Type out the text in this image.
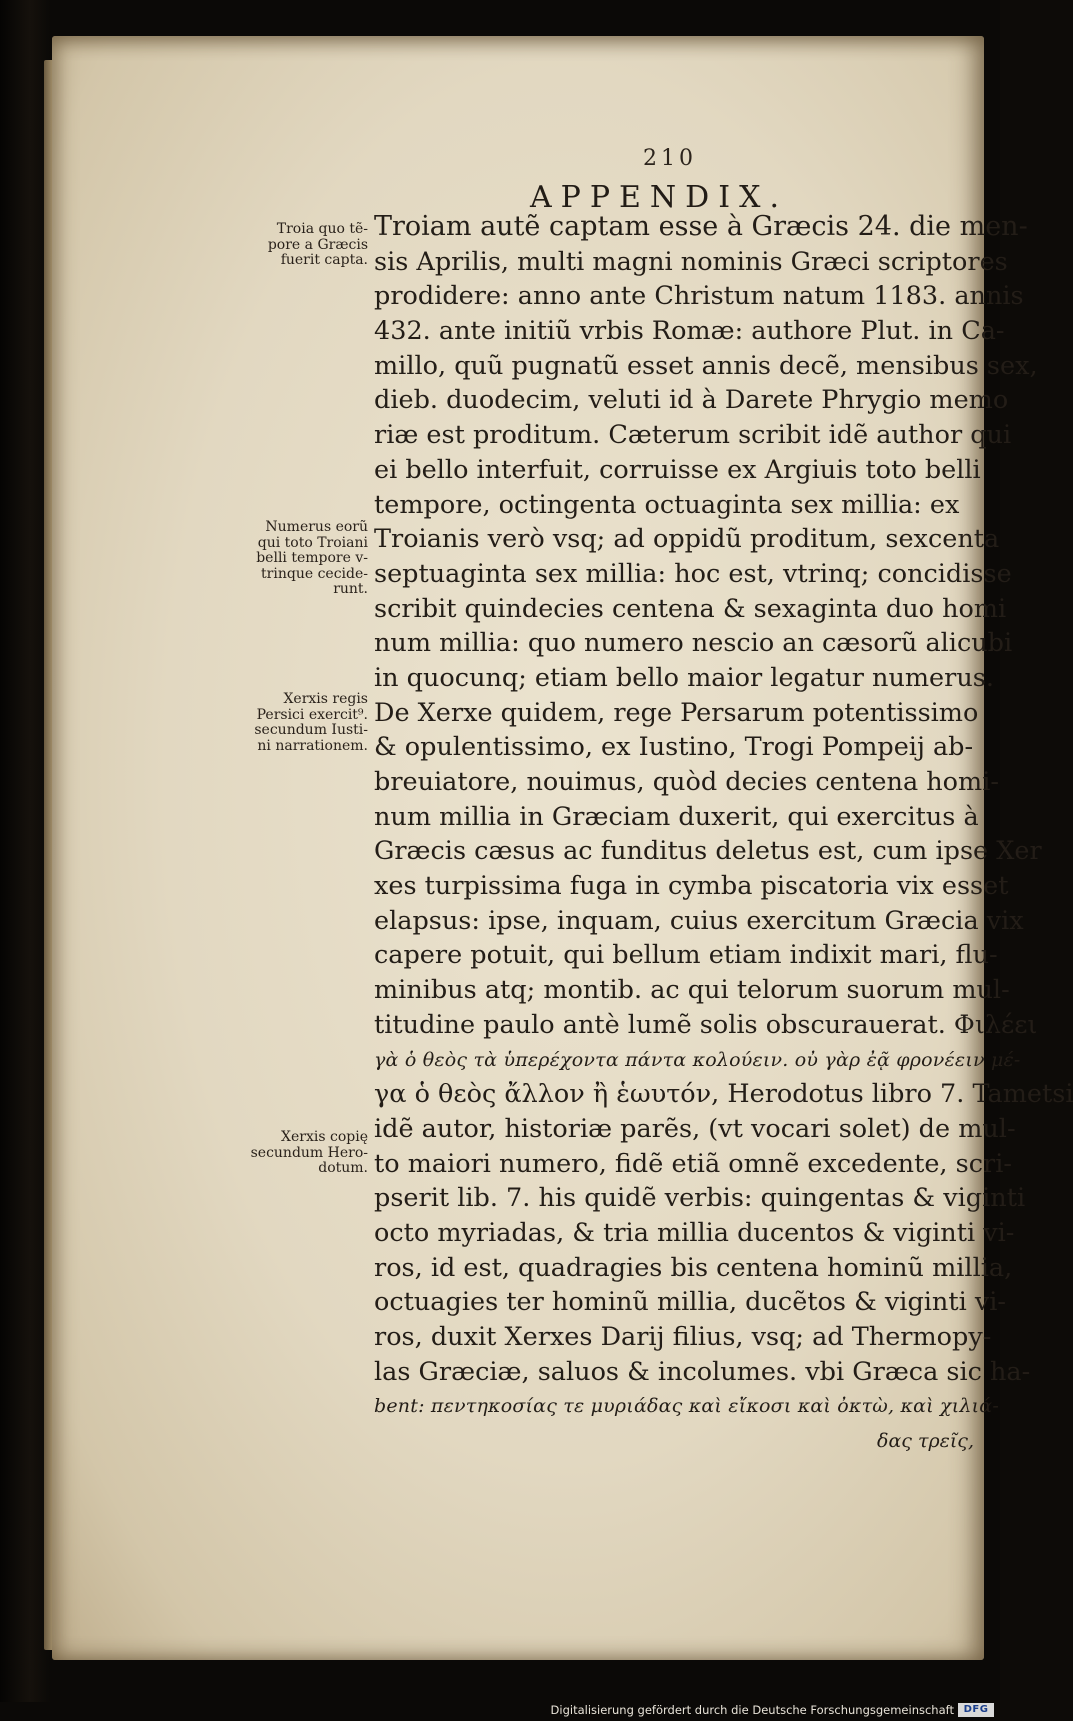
210
APPENDIX.
Troia quo tẽ-
pore a Græcis
fuerit capta.
Numerus eorũ
qui toto Troiani
belli tempore v-
trinque cecide-
runt.
Xerxis regis
Persici exercit⁹.
secundum Iusti-
ni narrationem.
Xerxis copię
secundum Hero-
dotum.
Troiam autẽ captam esse à Græcis 24. die men-
sis Aprilis, multi magni nominis Græci scriptores
prodidere: anno ante Christum natum 1183. annis
432. ante initiũ vrbis Romæ: authore Plut. in Ca-
millo, quũ pugnatũ esset annis decẽ, mensibus sex,
dieb. duodecim, veluti id à Darete Phrygio memo
riæ est proditum. Cæterum scribit idẽ author qui
ei bello interfuit, corruisse ex Argiuis toto belli
tempore, octingenta octuaginta sex millia: ex
Troianis verò vsq; ad oppidũ proditum, sexcenta
septuaginta sex millia: hoc est, vtrinq; concidisse
scribit quindecies centena & sexaginta duo homi
num millia: quo numero nescio an cæsorũ alicubi
in quocunq; etiam bello maior legatur numerus.
De Xerxe quidem, rege Persarum potentissimo
& opulentissimo, ex Iustino, Trogi Pompeij ab-
breuiatore, nouimus, quòd decies centena homi-
num millia in Græciam duxerit, qui exercitus à
Græcis cæsus ac funditus deletus est, cum ipse Xer
xes turpissima fuga in cymba piscatoria vix esset
elapsus: ipse, inquam, cuius exercitum Græcia vix
capere potuit, qui bellum etiam indixit mari, flu-
minibus atq; montib. ac qui telorum suorum mul-
titudine paulo antè lumẽ solis obscurauerat. Φιλέει
γὰ ὁ θεὸς τὰ ὑπερέχοντα πάντα κολούειν. οὐ γὰρ ἐᾷ φρονέειν μέ-
γα ὁ θεὸς ἄλλον ἢ ἑωυτόν, Herodotus libro 7. Tametsi
idẽ autor, historiæ parẽs, (vt vocari solet) de mul-
to maiori numero, fidẽ etiã omnẽ excedente, scri-
pserit lib. 7. his quidẽ verbis: quingentas & viginti
octo myriadas, & tria millia ducentos & viginti vi-
ros, id est, quadragies bis centena hominũ millia,
octuagies ter hominũ millia, ducẽtos & viginti vi-
ros, duxit Xerxes Darij filius, vsq; ad Thermopy-
las Græciæ, saluos & incolumes. vbi Græca sic ha-
bent: πεντηκοσίας τε μυριάδας καὶ εἴκοσι καὶ ὀκτὼ, καὶ χιλιά-
δας τρεῖς,
Digitalisierung gefördert durch die Deutsche Forschungsgemeinschaft DFG
